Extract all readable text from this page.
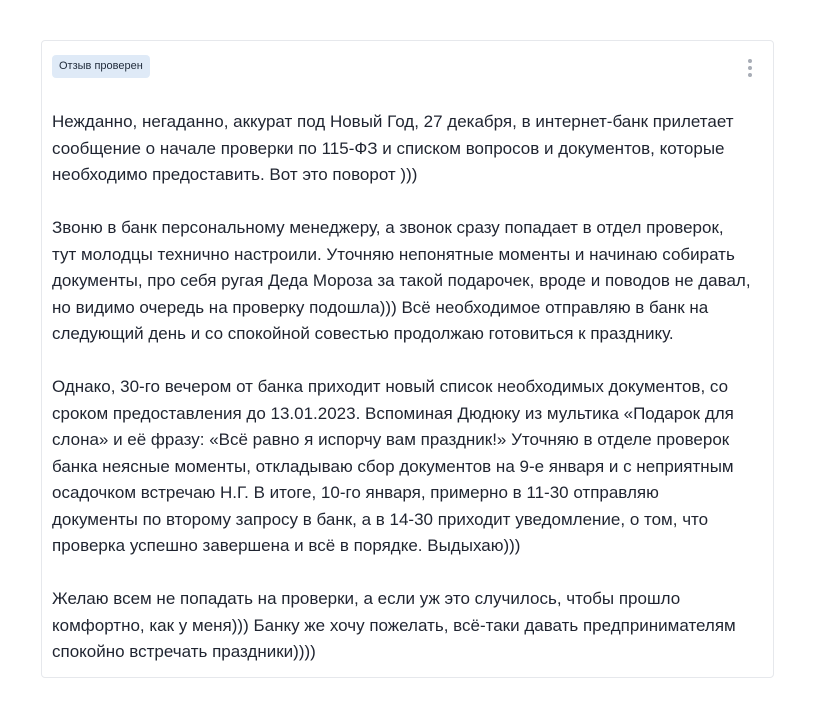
Отзыв проверен

Нежданно, негаданно, аккурат под Новый Год, 27 декабря, в интернет-банк прилетает
сообщение о начале проверки по 115-ФЗ и списком вопросов и документов, которые
необходимо предоставить. Вот это поворот )))

Звоню в банк персональному менеджеру, а звонок сразу попадает в отдел проверок,
тут молодцы технично настроили. Уточняю непонятные моменты и начинаю собирать
документы, про себя ругая Деда Мороза за такой подарочек, вроде и поводов не давал,
но видимо очередь на проверку подошла))) Всё необходимое отправляю в банк на
следующий день и со спокойной совестью продолжаю готовиться к празднику.

Однако, 30-го вечером от банка приходит новый список необходимых документов, со
сроком предоставления до 13.01.2023. Вспоминая Дюдюку из мультика «Подарок для
слона» и её фразу: «Всё равно я испорчу вам праздник!» Уточняю в отделе проверок
банка неясные моменты, откладываю сбор документов на 9-е января и с неприятным
осадочком встречаю Н.Г. В итоге, 10-го января, примерно в 11-30 отправляю
документы по второму запросу в банк, а в 14-30 приходит уведомление, о том, что
проверка успешно завершена и всё в порядке. Выдыхаю)))

Желаю всем не попадать на проверки, а если уж это случилось, чтобы прошло
комфортно, как у меня))) Банку же хочу пожелать, всё-таки давать предпринимателям
спокойно встречать праздники))))
